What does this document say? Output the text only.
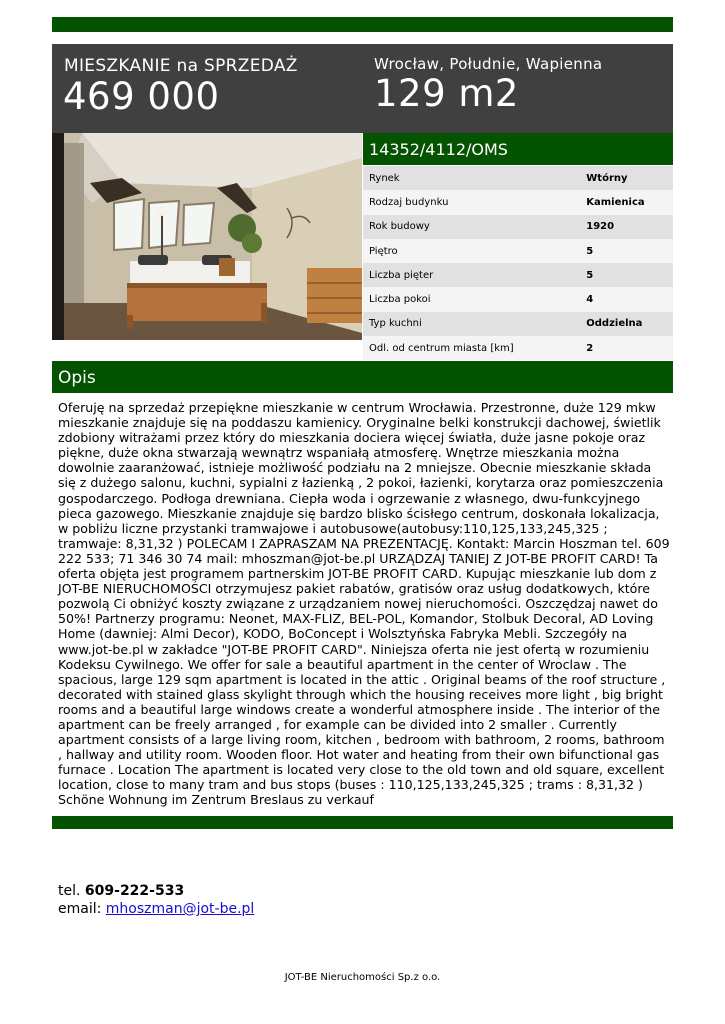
MIESZKANIE na SPRZEDAŻ
469 000
Wrocław, Południe, Wapienna
129 m2
14352/4112/OMS
Rynek	Wtórny
Rodzaj budynku	Kamienica
Rok budowy	1920
Piętro	5
Liczba pięter	5
Liczba pokoi	4
Typ kuchni	Oddzielna
Odl. od centrum miasta [km]	2
Opis

Oferuję na sprzedaż przepiękne mieszkanie w centrum Wrocławia. Przestronne, duże 129 mkw mieszkanie znajduje się na poddaszu kamienicy. Oryginalne belki konstrukcji dachowej, świetlik zdobiony witrażami przez który do mieszkania dociera więcej światła, duże jasne pokoje oraz piękne, duże okna stwarzają wewnątrz wspaniałą atmosferę. Wnętrze mieszkania można dowolnie zaaranżować, istnieje możliwość podziału na 2 mniejsze. Obecnie mieszkanie składa się z dużego salonu, kuchni, sypialni z łazienką , 2 pokoi, łazienki, korytarza oraz pomieszczenia gospodarczego. Podłoga drewniana. Ciepła woda i ogrzewanie z własnego, dwu-funkcyjnego pieca gazowego. Mieszkanie znajduje się bardzo blisko ścisłego centrum, doskonała lokalizacja, w pobliżu liczne przystanki tramwajowe i autobusowe(autobusy:110,125,133,245,325 ; tramwaje: 8,31,32 ) POLECAM I ZAPRASZAM NA PREZENTACJĘ. Kontakt: Marcin Hoszman tel. 609 222 533; 71 346 30 74 mail: mhoszman@jot-be.pl URZĄDZAJ TANIEJ Z JOT-BE PROFIT CARD! Ta oferta objęta jest programem partnerskim JOT-BE PROFIT CARD. Kupując mieszkanie lub dom z JOT-BE NIERUCHOMOŚCI otrzymujesz pakiet rabatów, gratisów oraz usług dodatkowych, które pozwolą Ci obniżyć koszty związane z urządzaniem nowej nieruchomości. Oszczędzaj nawet do 50%! Partnerzy programu: Neonet, MAX-FLIZ, BEL-POL, Komandor, Stolbuk Decoral, AD Loving Home (dawniej: Almi Decor), KODO, BoConcept i Wolsztyńska Fabryka Mebli. Szczegóły na www.jot-be.pl w zakładce "JOT-BE PROFIT CARD". Niniejsza oferta nie jest ofertą w rozumieniu Kodeksu Cywilnego. We offer for sale a beautiful apartment in the center of Wroclaw . The spacious, large 129 sqm apartment is located in the attic . Original beams of the roof structure , decorated with stained glass skylight through which the housing receives more light , big bright rooms and a beautiful large windows create a wonderful atmosphere inside . The interior of the apartment can be freely arranged , for example can be divided into 2 smaller . Currently apartment consists of a large living room, kitchen , bedroom with bathroom, 2 rooms, bathroom , hallway and utility room. Wooden floor. Hot water and heating from their own bifunctional gas furnace . Location The apartment is located very close to the old town and old square, excellent location, close to many tram and bus stops (buses : 110,125,133,245,325 ; trams : 8,31,32 ) Schöne Wohnung im Zentrum Breslaus zu verkauf

tel. 609-222-533
email: mhoszman@jot-be.pl
JOT-BE Nieruchomości Sp.z o.o.
